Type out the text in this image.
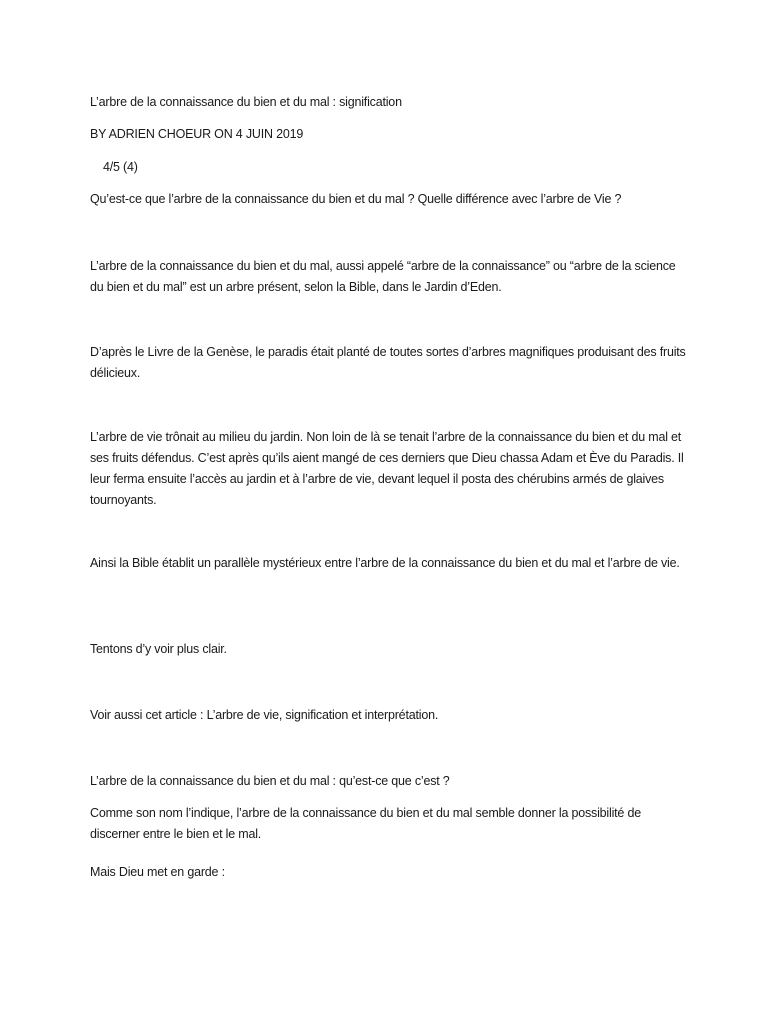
L’arbre de la connaissance du bien et du mal : signification
BY ADRIEN CHOEUR ON 4 JUIN 2019
4/5 (4)
Qu’est-ce que l’arbre de la connaissance du bien et du mal ? Quelle différence avec l’arbre de Vie ?
L’arbre de la connaissance du bien et du mal, aussi appelé “arbre de la connaissance” ou “arbre de la science du bien et du mal” est un arbre présent, selon la Bible, dans le Jardin d’Eden.
D’après le Livre de la Genèse, le paradis était planté de toutes sortes d’arbres magnifiques produisant des fruits délicieux.
L’arbre de vie trônait au milieu du jardin. Non loin de là se tenait l’arbre de la connaissance du bien et du mal et ses fruits défendus. C’est après qu’ils aient mangé de ces derniers que Dieu chassa Adam et Ève du Paradis. Il leur ferma ensuite l’accès au jardin et à l’arbre de vie, devant lequel il posta des chérubins armés de glaives tournoyants.
Ainsi la Bible établit un parallèle mystérieux entre l’arbre de la connaissance du bien et du mal et l’arbre de vie.
Tentons d’y voir plus clair.
Voir aussi cet article : L’arbre de vie, signification et interprétation.
L’arbre de la connaissance du bien et du mal : qu’est-ce que c’est ?
Comme son nom l’indique, l’arbre de la connaissance du bien et du mal semble donner la possibilité de discerner entre le bien et le mal.
Mais Dieu met en garde :
